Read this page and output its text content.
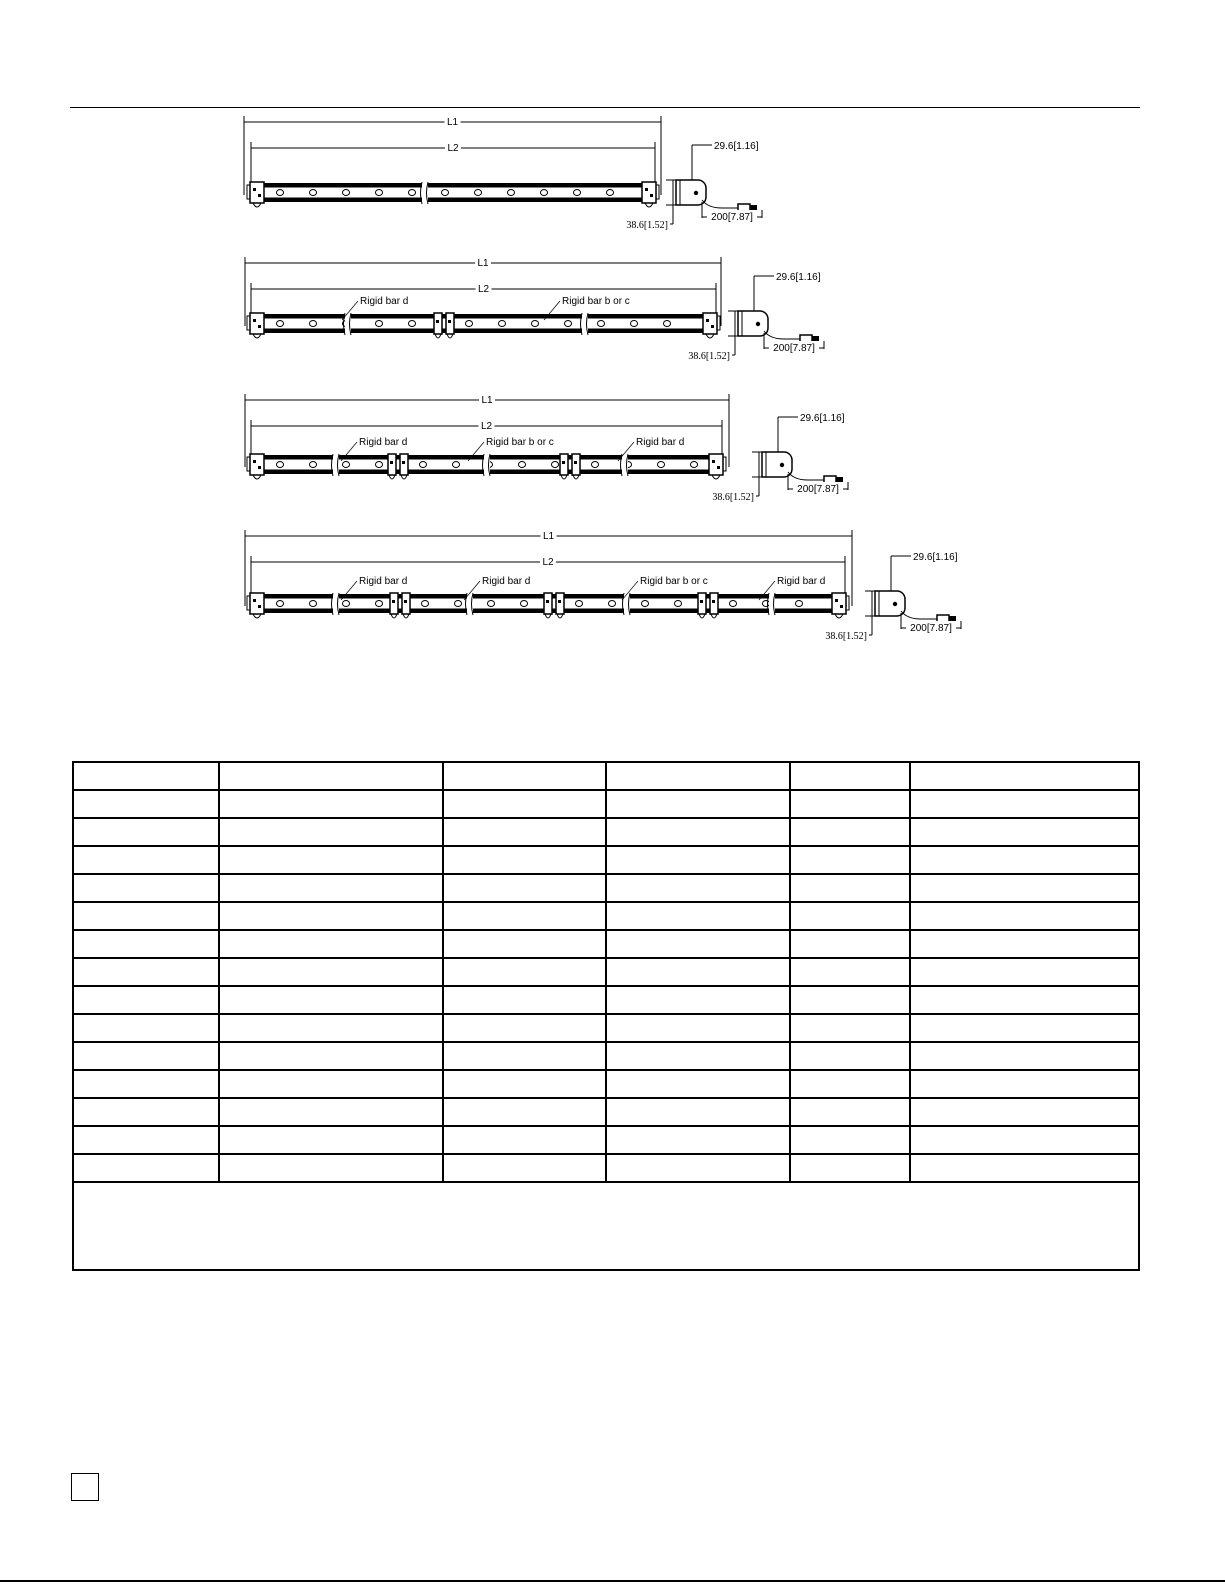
L1
L2	29.6[1.16]
38.6[1.52]
200[7.87]
L1
L2
Rigid bar d	Rigid bar b or c
29.6[1.16]
38.6[1.52]
200[7.87]
L1
L2
Rigid bar d	Rigid bar b or c	Rigid bar d
29.6[1.16]
38.6[1.52]
200[7.87]
L1
L2
Rigid bar d	Rigid bar d	Rigid bar b or c	Rigid bar d
29.6[1.16]
38.6[1.52]
200[7.87]
